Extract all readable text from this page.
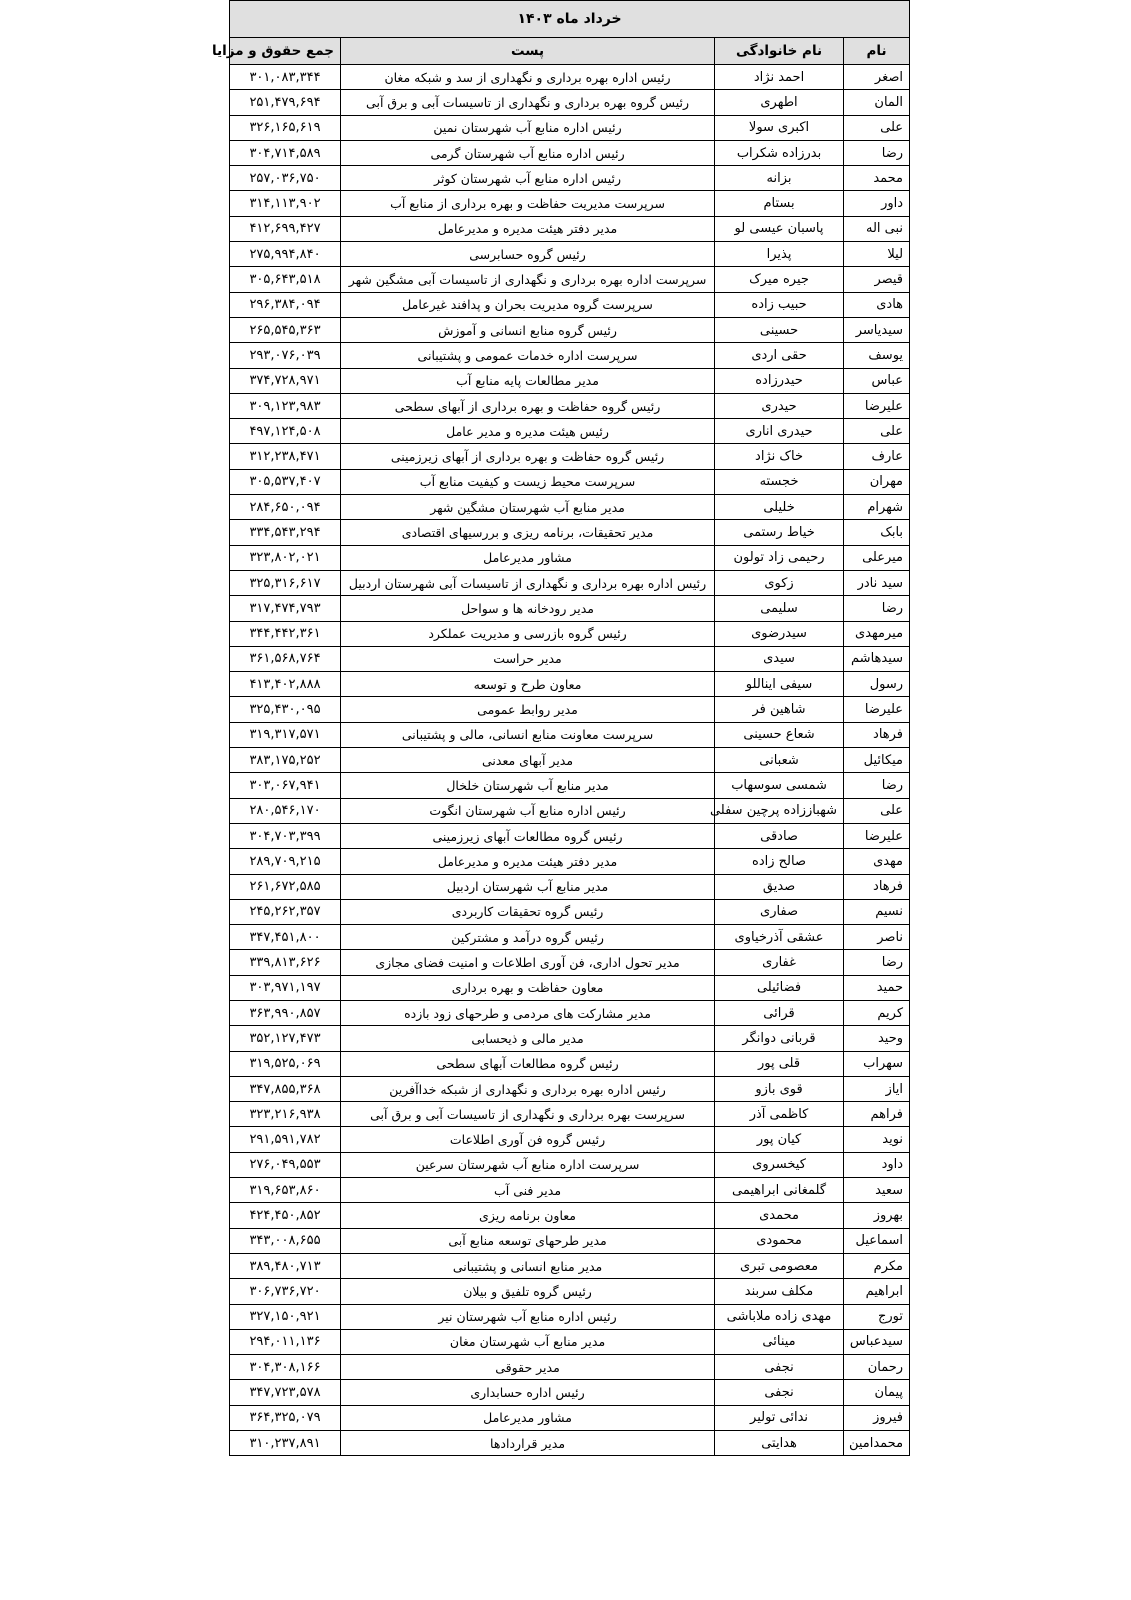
خرداد ماه ۱۴۰۳			
نام	نام خانوادگی	پست	جمع حقوق و مزایا
اصغر	احمد نژاد	رئیس اداره بهره برداری و نگهداری از سد و شبکه مغان	۳۰۱,۰۸۳,۳۴۴
المان	اطهری	رئیس گروه بهره برداری و نگهداری از تاسیسات آبی و برق آبی	۲۵۱,۴۷۹,۶۹۴
علی	اکبری سولا	رئیس اداره منابع آب شهرستان نمین	۳۲۶,۱۶۵,۶۱۹
رضا	بدرزاده شکراب	رئیس اداره منابع آب شهرستان گرمی	۳۰۴,۷۱۴,۵۸۹
محمد	بزانه	رئیس اداره منابع آب شهرستان کوثر	۲۵۷,۰۳۶,۷۵۰
داور	بستام	سرپرست مدیریت حفاظت و بهره برداری از منابع آب	۳۱۴,۱۱۳,۹۰۲
نبی اله	پاسبان عیسی لو	مدیر دفتر هیئت مدیره و مدیرعامل	۴۱۲,۶۹۹,۴۲۷
لیلا	پذیرا	رئیس گروه حسابرسی	۲۷۵,۹۹۴,۸۴۰
قیصر	جیره میرک	سرپرست اداره بهره برداری و نگهداری از تاسیسات آبی مشگین شهر	۳۰۵,۶۴۳,۵۱۸
هادی	حبیب زاده	سرپرست گروه مدیریت بحران و پدافند غیرعامل	۲۹۶,۳۸۴,۰۹۴
سیدیاسر	حسینی	رئیس گروه منابع انسانی و آموزش	۲۶۵,۵۴۵,۳۶۳
یوسف	حقی اردی	سرپرست اداره خدمات عمومی و پشتیبانی	۲۹۳,۰۷۶,۰۳۹
عباس	حیدرزاده	مدیر مطالعات پایه منابع آب	۳۷۴,۷۲۸,۹۷۱
علیرضا	حیدری	رئیس گروه حفاظت و بهره برداری از آبهای سطحی	۳۰۹,۱۲۳,۹۸۳
علی	حیدری اناری	رئیس هیئت مدیره و مدیر عامل	۴۹۷,۱۲۴,۵۰۸
عارف	خاک نژاد	رئیس گروه حفاظت و بهره برداری از آبهای زیرزمینی	۳۱۲,۲۳۸,۴۷۱
مهران	خجسته	سرپرست محیط زیست و کیفیت منابع آب	۳۰۵,۵۳۷,۴۰۷
شهرام	خلیلی	مدیر منابع آب شهرستان مشگین شهر	۲۸۴,۶۵۰,۰۹۴
بابک	خیاط رستمی	مدیر تحقیقات، برنامه ریزی و بررسیهای اقتصادی	۳۳۴,۵۴۳,۲۹۴
میرعلی	رحیمی زاد تولون	مشاور مدیرعامل	۳۲۳,۸۰۲,۰۲۱
سید نادر	زکوی	رئیس اداره بهره برداری و نگهداری از تاسیسات آبی شهرستان اردبیل	۳۲۵,۳۱۶,۶۱۷
رضا	سلیمی	مدیر رودخانه ها و سواحل	۳۱۷,۴۷۴,۷۹۳
میرمهدی	سیدرضوی	رئیس گروه بازرسی و مدیریت عملکرد	۳۴۴,۴۴۲,۳۶۱
سیدهاشم	سیدی	مدیر حراست	۳۶۱,۵۶۸,۷۶۴
رسول	سیفی ایناللو	معاون طرح و توسعه	۴۱۳,۴۰۲,۸۸۸
علیرضا	شاهین فر	مدیر روابط عمومی	۳۲۵,۴۳۰,۰۹۵
فرهاد	شعاع حسینی	سرپرست معاونت منابع انسانی، مالی و پشتیبانی	۳۱۹,۳۱۷,۵۷۱
میکائیل	شعبانی	مدیر آبهای معدنی	۳۸۳,۱۷۵,۲۵۲
رضا	شمسی سوسهاب	مدیر منابع آب شهرستان خلخال	۳۰۳,۰۶۷,۹۴۱
علی	شهباززاده پرچین سفلی	رئیس اداره منابع آب شهرستان انگوت	۲۸۰,۵۴۶,۱۷۰
علیرضا	صادقی	رئیس گروه مطالعات آبهای زیرزمینی	۳۰۴,۷۰۳,۳۹۹
مهدی	صالح زاده	مدیر دفتر هیئت مدیره و مدیرعامل	۲۸۹,۷۰۹,۲۱۵
فرهاد	صدیق	مدیر منابع آب شهرستان اردبیل	۲۶۱,۶۷۲,۵۸۵
نسیم	صفاری	رئیس گروه تحقیقات کاربردی	۲۴۵,۲۶۲,۳۵۷
ناصر	عشقی آذرخیاوی	رئیس گروه درآمد و مشترکین	۳۴۷,۴۵۱,۸۰۰
رضا	غفاری	مدیر تحول اداری، فن آوری اطلاعات و امنیت فضای مجازی	۳۳۹,۸۱۳,۶۲۶
حمید	فضائیلی	معاون حفاظت و بهره برداری	۳۰۳,۹۷۱,۱۹۷
کریم	قرائی	مدیر مشارکت های مردمی و طرحهای زود بازده	۳۶۳,۹۹۰,۸۵۷
وحید	قربانی دوانگر	مدیر مالی و ذیحسابی	۳۵۲,۱۲۷,۴۷۳
سهراب	قلی پور	رئیس گروه مطالعات آبهای سطحی	۳۱۹,۵۲۵,۰۶۹
ایاز	قوی بازو	رئیس اداره بهره برداری و نگهداری از شبکه خداآفرین	۳۴۷,۸۵۵,۳۶۸
فراهم	کاظمی آذر	سرپرست بهره برداری و نگهداری از تاسیسات آبی و برق آبی	۳۲۳,۲۱۶,۹۳۸
نوید	کیان پور	رئیس گروه فن آوری اطلاعات	۲۹۱,۵۹۱,۷۸۲
داود	کیخسروی	سرپرست اداره منابع آب شهرستان سرعین	۲۷۶,۰۴۹,۵۵۳
سعید	گلمغانی ابراهیمی	مدیر فنی آب	۳۱۹,۶۵۳,۸۶۰
بهروز	محمدی	معاون برنامه ریزی	۴۲۴,۴۵۰,۸۵۲
اسماعیل	محمودی	مدیر طرحهای توسعه منابع آبی	۳۴۳,۰۰۸,۶۵۵
مکرم	معصومی تبری	مدیر منابع انسانی و پشتیبانی	۳۸۹,۴۸۰,۷۱۳
ابراهیم	مکلف سربند	رئیس گروه تلفیق و بیلان	۳۰۶,۷۳۶,۷۲۰
تورج	مهدی زاده ملاباشی	رئیس اداره منابع آب شهرستان نیر	۳۲۷,۱۵۰,۹۲۱
سیدعباس	مینائی	مدیر منابع آب شهرستان مغان	۲۹۴,۰۱۱,۱۳۶
رحمان	نجفی	مدیر حقوقی	۳۰۴,۳۰۸,۱۶۶
پیمان	نجفی	رئیس اداره حسابداری	۳۴۷,۷۲۳,۵۷۸
فیروز	ندائی تولیر	مشاور مدیرعامل	۳۶۴,۳۲۵,۰۷۹
محمدامین	هدایتی	مدیر قراردادها	۳۱۰,۲۳۷,۸۹۱
